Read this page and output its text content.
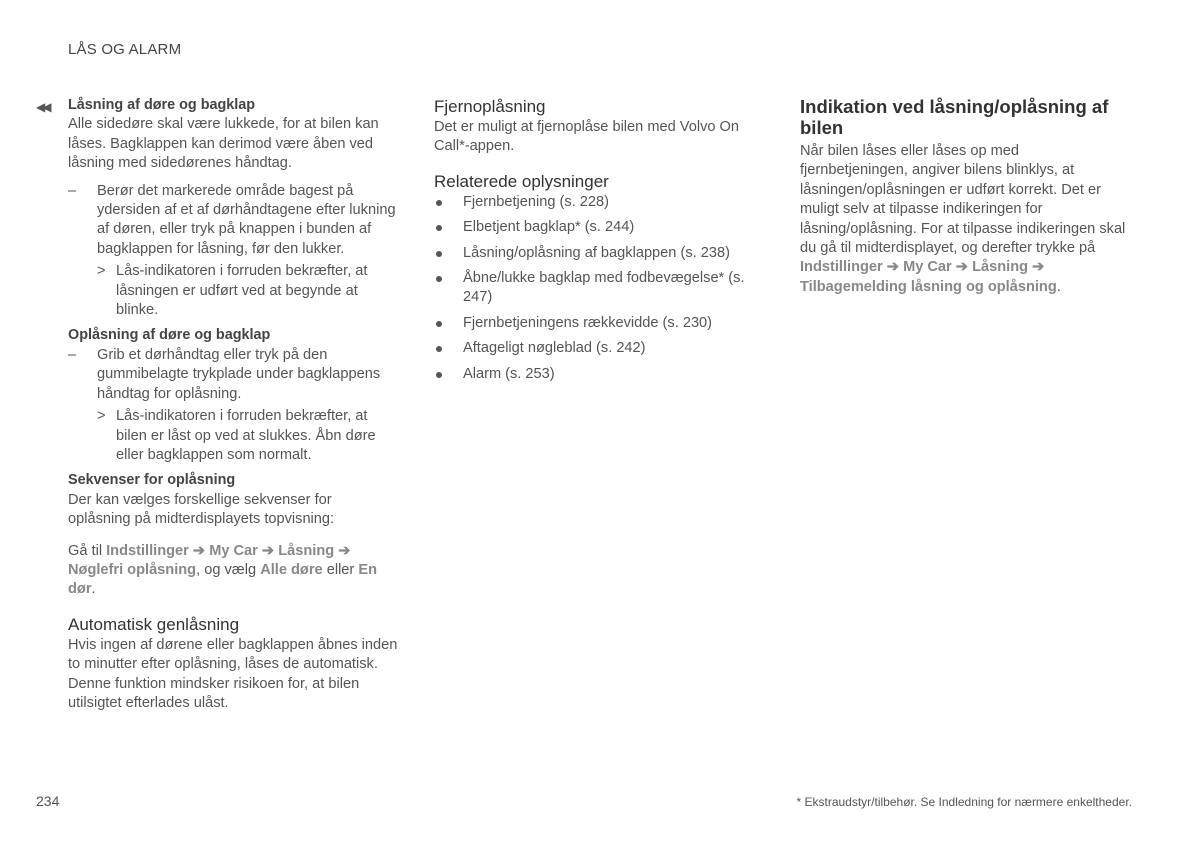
LÅS OG ALARM
◀◀ Låsning af døre og bagklap

Alle sidedøre skal være lukkede, for at bilen kan låses. Bagklappen kan derimod være åben ved låsning med sidedørenes håndtag.

– Berør det markerede område bagest på ydersiden af et af dørhåndtagene efter lukning af døren, eller tryk på knappen i bunden af bagklappen for låsning, før den lukker.
> Lås-indikatoren i forruden bekræfter, at låsningen er udført ved at begynde at blinke.
Oplåsning af døre og bagklap
– Grib et dørhåndtag eller tryk på den gummibelagte trykplade under bagklappens håndtag for oplåsning.
> Lås-indikatoren i forruden bekræfter, at bilen er låst op ved at slukkes. Åbn døre eller bagklappen som normalt.
Sekvenser for oplåsning

Der kan vælges forskellige sekvenser for oplåsning på midterdisplayets topvisning:

Gå til Indstillinger ➔ My Car ➔ Låsning ➔ Nøglefri oplåsning, og vælg Alle døre eller En dør.

Automatisk genlåsning

Hvis ingen af dørene eller bagklappen åbnes inden to minutter efter oplåsning, låses de automatisk. Denne funktion mindsker risikoen for, at bilen utilsigtet efterlades ulåst.

Fjernoplåsning

Det er muligt at fjernoplåse bilen med Volvo On Call*-appen.

Relaterede oplysninger
Fjernbetjening (s. 228)
Elbetjent bagklap* (s. 244)
Låsning/oplåsning af bagklappen (s. 238)
Åbne/lukke bagklap med fodbevægelse* (s. 247)
Fjernbetjeningens rækkevidde (s. 230)
Aftageligt nøgleblad (s. 242)
Alarm (s. 253)
Indikation ved låsning/oplåsning af bilen

Når bilen låses eller låses op med fjernbetjeningen, angiver bilens blinklys, at låsningen/oplåsningen er udført korrekt. Det er muligt selv at tilpasse indikeringen for låsning/oplåsning. For at tilpasse indikeringen skal du gå til midterdisplayet, og derefter trykke på Indstillinger ➔ My Car ➔ Låsning ➔ Tilbagemelding låsning og oplåsning.

234	* Ekstraudstyr/tilbehør. Se Indledning for nærmere enkeltheder.
